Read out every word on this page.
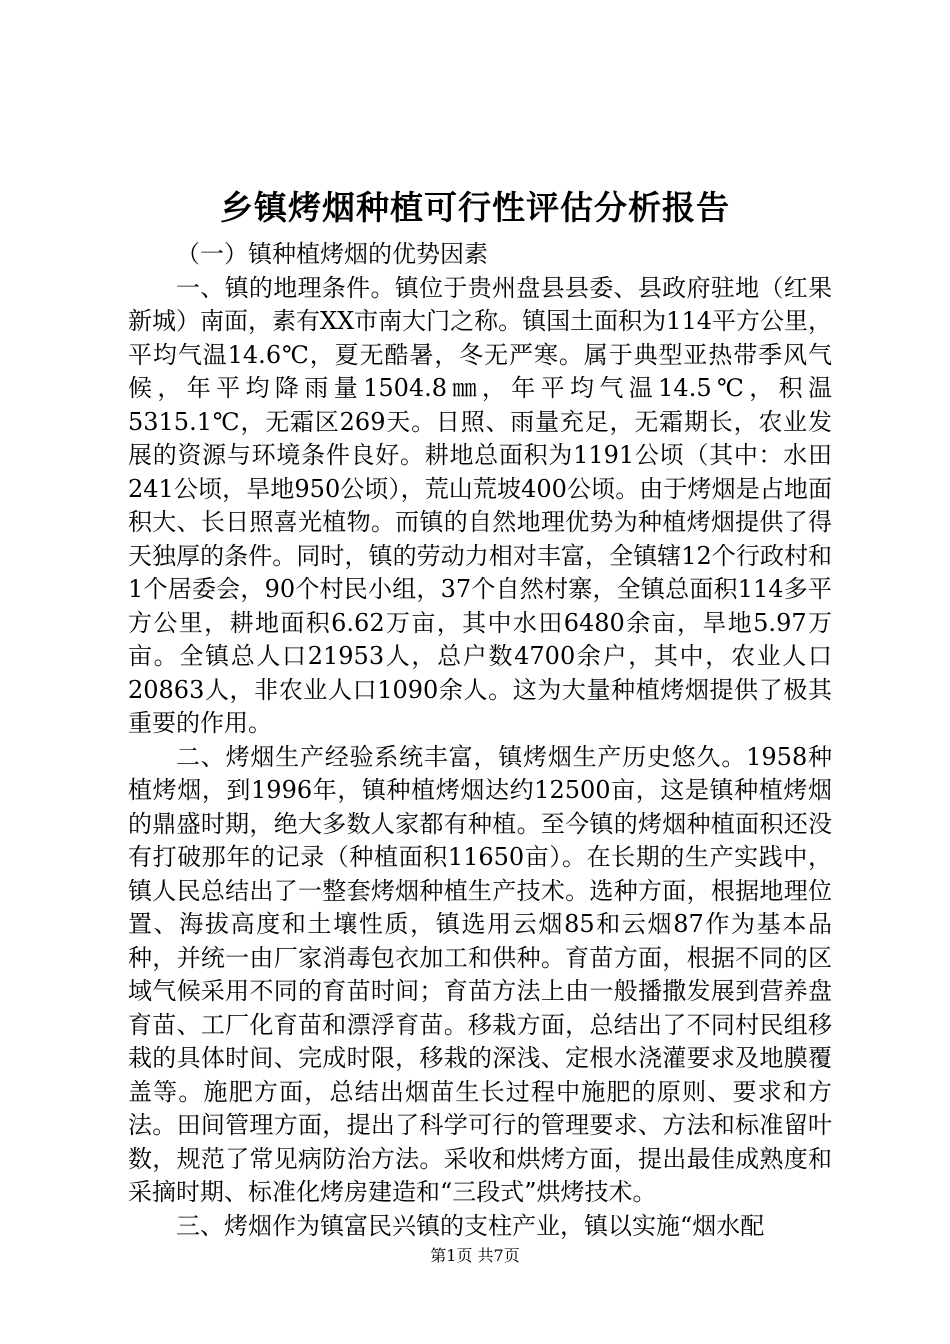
乡镇烤烟种植可行性评估分析报告

（一）镇种植烤烟的优势因素

一、镇的地理条件。镇位于贵州盘县县委、县政府驻地（红果新城）南面，素有XX市南大门之称。镇国土面积为114平方公里，平均气温14.6℃，夏无酷暑，冬无严寒。属于典型亚热带季风气候，年平均降雨量1504.8㎜，年平均气温14.5℃，积温5315.1℃，无霜区269天。日照、雨量充足，无霜期长，农业发展的资源与环境条件良好。耕地总面积为1191公顷（其中：水田241公顷，旱地950公顷），荒山荒坡400公顷。由于烤烟是占地面积大、长日照喜光植物。而镇的自然地理优势为种植烤烟提供了得天独厚的条件。同时，镇的劳动力相对丰富，全镇辖12个行政村和1个居委会，90个村民小组，37个自然村寨，全镇总面积114多平方公里，耕地面积6.62万亩，其中水田6480余亩，旱地5.97万亩。全镇总人口21953人，总户数4700余户，其中，农业人口20863人，非农业人口1090余人。这为大量种植烤烟提供了极其重要的作用。

二、烤烟生产经验系统丰富，镇烤烟生产历史悠久。1958种植烤烟，到1996年，镇种植烤烟达约12500亩，这是镇种植烤烟的鼎盛时期，绝大多数人家都有种植。至今镇的烤烟种植面积还没有打破那年的记录（种植面积11650亩）。在长期的生产实践中，镇人民总结出了一整套烤烟种植生产技术。选种方面，根据地理位置、海拔高度和土壤性质，镇选用云烟85和云烟87作为基本品种，并统一由厂家消毒包衣加工和供种。育苗方面，根据不同的区域气候采用不同的育苗时间；育苗方法上由一般播撒发展到营养盘育苗、工厂化育苗和漂浮育苗。移栽方面，总结出了不同村民组移栽的具体时间、完成时限，移栽的深浅、定根水浇灌要求及地膜覆盖等。施肥方面，总结出烟苗生长过程中施肥的原则、要求和方法。田间管理方面，提出了科学可行的管理要求、方法和标准留叶数，规范了常见病防治方法。采收和烘烤方面，提出最佳成熟度和采摘时期、标准化烤房建造和“三段式”烘烤技术。

三、烤烟作为镇富民兴镇的支柱产业，镇以实施“烟水配

第1页 共7页
